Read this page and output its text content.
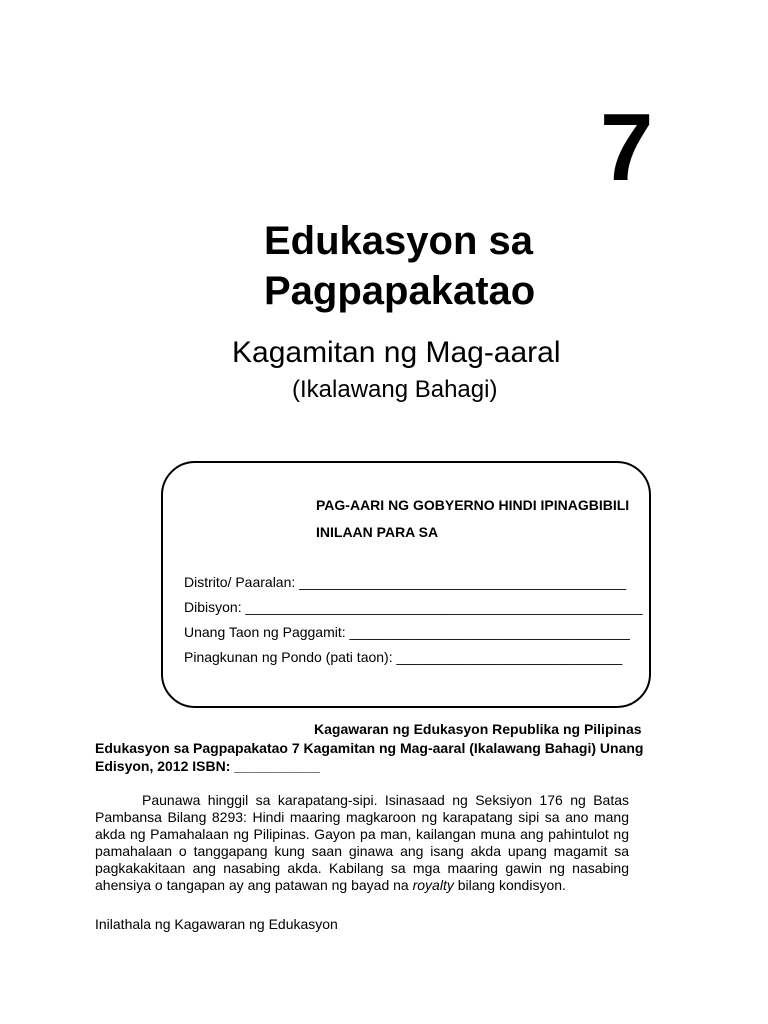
7
Edukasyon sa
Pagpapakatao
Kagamitan ng Mag-aaral
(Ikalawang Bahagi)
PAG-AARI NG GOBYERNO HINDI IPINAGBIBILI
INILAAN PARA SA
Distrito/ Paaralan: __________________________________________
Dibisyon: ___________________________________________________
Unang Taon ng Paggamit: ____________________________________
Pinagkunan ng Pondo (pati taon): _____________________________
Kagawaran ng Edukasyon Republika ng Pilipinas
Edukasyon sa Pagpapakatao 7 Kagamitan ng Mag-aaral (Ikalawang Bahagi) Unang Edisyon, 2012 ISBN: ___________

Paunawa hinggil sa karapatang-sipi. Isinasaad ng Seksiyon 176 ng Batas Pambansa Bilang 8293: Hindi maaring magkaroon ng karapatang sipi sa ano mang akda ng Pamahalaan ng Pilipinas. Gayon pa man, kailangan muna ang pahintulot ng pamahalaan o tanggapang kung saan ginawa ang isang akda upang magamit sa pagkakakitaan ang nasabing akda. Kabilang sa mga maaring gawin ng nasabing ahensiya o tangapan ay ang patawan ng bayad na royalty bilang kondisyon.

Inilathala ng Kagawaran ng Edukasyon
